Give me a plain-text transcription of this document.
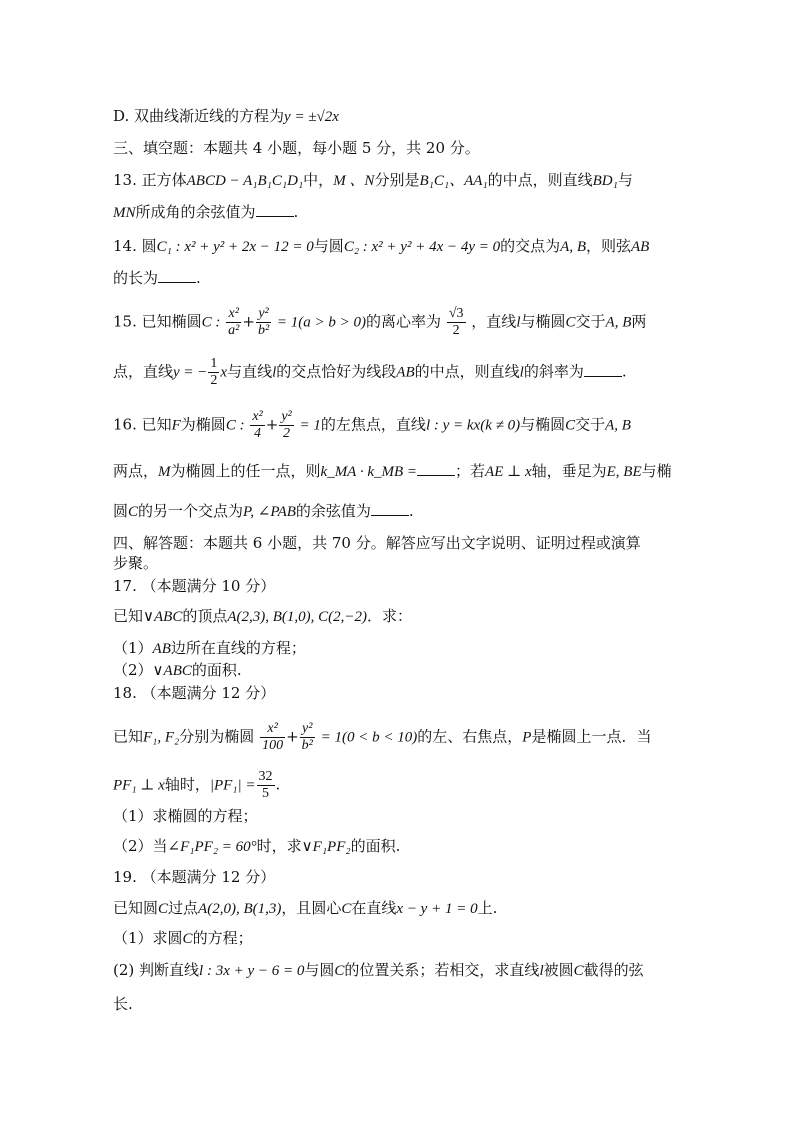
D. 双曲线渐近线的方程为y = ±√2x
三、填空题：本题共 4 小题，每小题 5 分，共 20 分。
13. 正方体ABCD − A₁B₁C₁D₁中，M 、N分别是B₁C₁、AA₁的中点，则直线BD₁与
MN所成角的余弦值为	.
14. 圆C₁ : x² + y² + 2x − 12 = 0与圆C₂ : x² + y² + 4x − 4y = 0的交点为A, B，则弦AB
的长为	.
15. 已知椭圆C : $\frac{\text{x²}}{\text{a²}} + \frac{\text{y²}}{\text{b²}} = 1(a > b > 0)$的离心率为 $\frac{√3}{2}$ ，直线l与椭圆C交于A, B两
点，直线y = − $\frac{1}{2}$ x与直线l的交点恰好为线段AB的中点，则直线l的斜率为	.
16. 已知F为椭圆C : $\frac{\text{x²}}{4} + \frac{\text{y²}}{2} = 1$的左焦点，直线l : y = kx(k ≠ 0)与椭圆C交于A, B
两点，M为椭圆上的任一点，则k_MA · k_MB =	；若AE ⊥ x轴，垂足为E, BE与椭
圆C的另一个交点为P, ∠PAB的余弦值为	.
四、解答题：本题共 6 小题，共 70 分。解答应写出文字说明、证明过程或演算
步聚。
17. （本题满分 10 分）
已知∨ABC的顶点A(2,3), B(1,0), C(2,−2)．求：
（1）AB边所在直线的方程；
（2）∨ABC的面积.
18. （本题满分 12 分）
已知F₁, F₂分别为椭圆 $\frac{\text{x²}}{100} + \frac{\text{y²}}{\text{b²}} = 1(0 < b < 10)$的左、右焦点，P是椭圆上一点．当
PF₁ ⊥ x轴时，$|PF_1| = \frac{32}{5}$ .
（1）求椭圆的方程；
（2）当∠F₁PF₂ = 60°时，求∨F₁PF₂的面积.
19. （本题满分 12 分）
已知圆C过点A(2,0), B(1,3)，且圆心C在直线x − y + 1 = 0上.
（1）求圆C的方程；
(2) 判断直线l : 3x + y − 6 = 0与圆C的位置关系；若相交，求直线l被圆C截得的弦
长.
